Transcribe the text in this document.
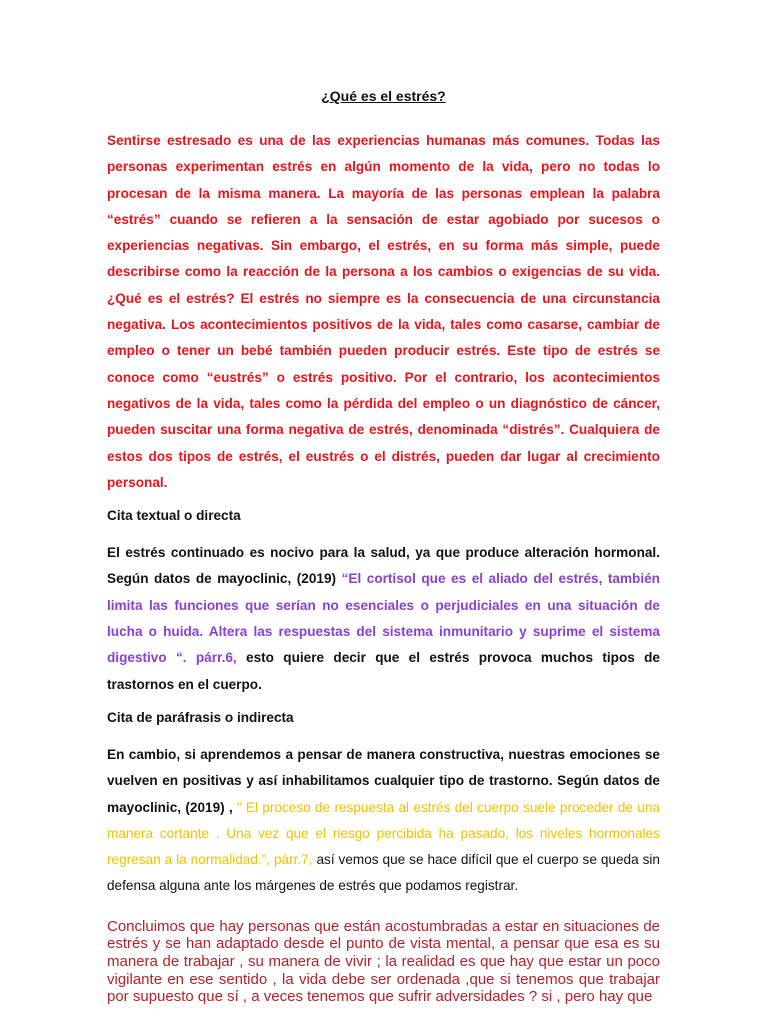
¿Qué es el estrés?

Sentirse estresado es una de las experiencias humanas más comunes. Todas las personas experimentan estrés en algún momento de la vida, pero no todas lo procesan de la misma manera. La mayoría de las personas emplean la palabra “estrés” cuando se refieren a la sensación de estar agobiado por sucesos o experiencias negativas. Sin embargo, el estrés, en su forma más simple, puede describirse como la reacción de la persona a los cambios o exigencias de su vida. ¿Qué es el estrés? El estrés no siempre es la consecuencia de una circunstancia negativa. Los acontecimientos positivos de la vida, tales como casarse, cambiar de empleo o tener un bebé también pueden producir estrés. Este tipo de estrés se conoce como “eustrés” o estrés positivo. Por el contrario, los acontecimientos negativos de la vida, tales como la pérdida del empleo o un diagnóstico de cáncer, pueden suscitar una forma negativa de estrés, denominada “distrés”. Cualquiera de estos dos tipos de estrés, el eustrés o el distrés, pueden dar lugar al crecimiento personal.

Cita textual o directa

El estrés continuado es nocivo para la salud, ya que produce alteración hormonal. Según datos de mayoclinic, (2019) “El cortisol que es el aliado del estrés, también limita las funciones que serían no esenciales o perjudiciales en una situación de lucha o huida. Altera las respuestas del sistema inmunitario y suprime el sistema digestivo “. párr.6, esto quiere decir que el estrés provoca muchos tipos de trastornos en el cuerpo.

Cita de paráfrasis o indirecta

En cambio, si aprendemos a pensar de manera constructiva, nuestras emociones se vuelven en positivas y así inhabilitamos cualquier tipo de trastorno. Según datos de mayoclinic, (2019) , “ El proceso de respuesta al estrés del cuerpo suele proceder de una manera cortante . Una vez que el riesgo percibida ha pasado, los niveles hormonales regresan a la normalidad.”, párr.7, así vemos que se hace difícil que el cuerpo se queda sin defensa alguna ante los márgenes de estrés que podamos registrar.

Concluimos que hay personas que están acostumbradas a estar en situaciones de estrés y se han adaptado desde el punto de vista mental, a pensar que esa es su manera de trabajar , su manera de vivir ; la realidad es que hay que estar un poco vigilante en ese sentido , la vida debe ser ordenada ,que si tenemos que trabajar por supuesto que sí , a veces tenemos que sufrir adversidades ? si , pero hay que
